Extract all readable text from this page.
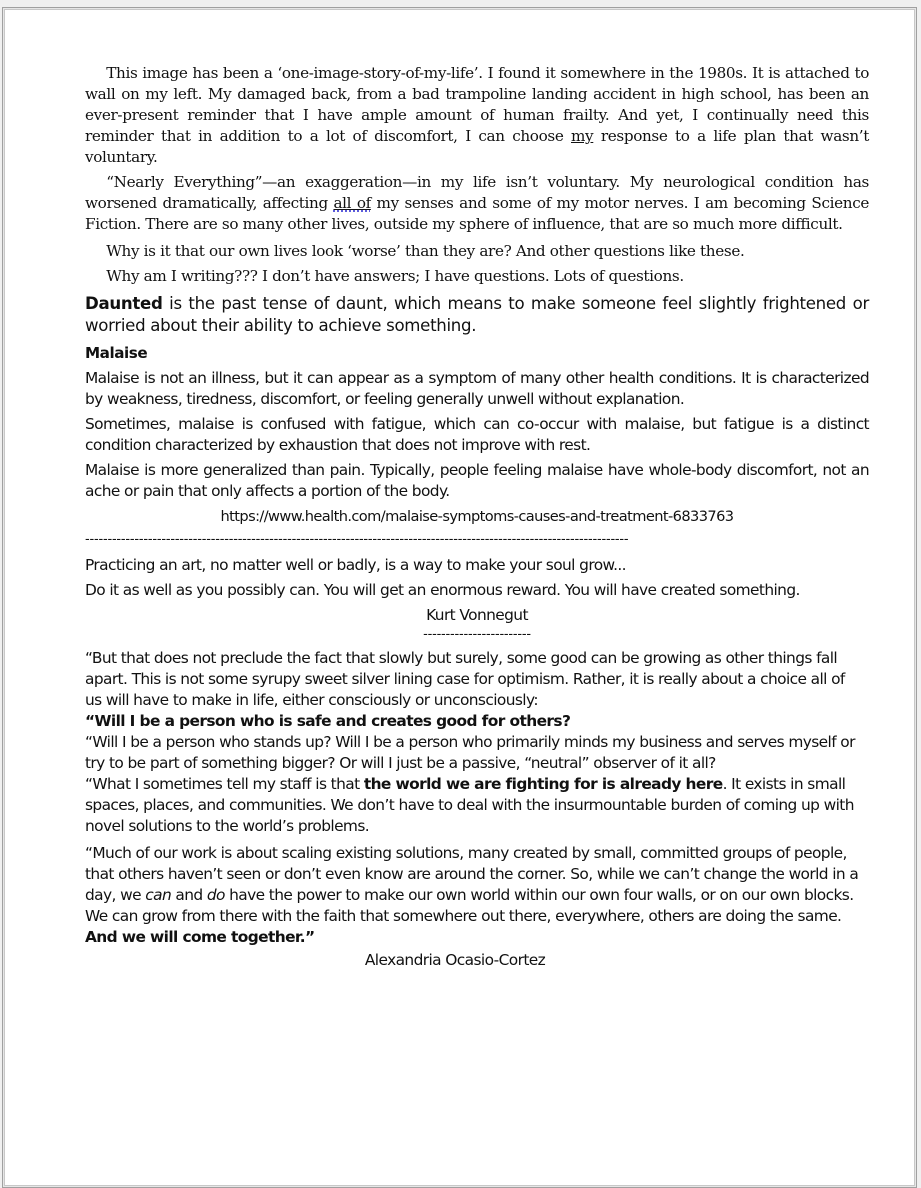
This image has been a ‘one-image-story-of-my-life’. I found it somewhere in the 1980s. It is attached to wall on my left. My damaged back, from a bad trampoline landing accident in high school, has been an ever-present reminder that I have ample amount of human frailty. And yet, I continually need this reminder that in addition to a lot of discomfort, I can choose my response to a life plan that wasn’t voluntary.

“Nearly Everything”—an exaggeration—in my life isn’t voluntary. My neurological condition has worsened dramatically, affecting all of my senses and some of my motor nerves. I am becoming Science Fiction. There are so many other lives, outside my sphere of influence, that are so much more difficult.

Why is it that our own lives look ‘worse’ than they are? And other questions like these.

Why am I writing??? I don’t have answers; I have questions. Lots of questions.

Daunted is the past tense of daunt, which means to make someone feel slightly frightened or worried about their ability to achieve something.

Malaise

Malaise is not an illness, but it can appear as a symptom of many other health conditions. It is characterized by weakness, tiredness, discomfort, or feeling generally unwell without explanation.

Sometimes, malaise is confused with fatigue, which can co-occur with malaise, but fatigue is a distinct condition characterized by exhaustion that does not improve with rest.

Malaise is more generalized than pain. Typically, people feeling malaise have whole-body discomfort, not an ache or pain that only affects a portion of the body.

https://www.health.com/malaise-symptoms-causes-and-treatment-6833763

-------------------------------------------------------------------------------------------------------------------------

Practicing an art, no matter well or badly, is a way to make your soul grow...

Do it as well as you possibly can. You will get an enormous reward. You will have created something.

Kurt Vonnegut

------------------------

“But that does not preclude the fact that slowly but surely, some good can be growing as other things fall apart. This is not some syrupy sweet silver lining case for optimism. Rather, it is really about a choice all of us will have to make in life, either consciously or unconsciously:

“Will I be a person who is safe and creates good for others?

“Will I be a person who stands up? Will I be a person who primarily minds my business and serves myself or try to be part of something bigger? Or will I just be a passive, “neutral” observer of it all?

“What I sometimes tell my staff is that the world we are fighting for is already here. It exists in small spaces, places, and communities. We don’t have to deal with the insurmountable burden of coming up with novel solutions to the world’s problems.

“Much of our work is about scaling existing solutions, many created by small, committed groups of people, that others haven’t seen or don’t even know are around the corner. So, while we can’t change the world in a day, we can and do have the power to make our own world within our own four walls, or on our own blocks.

We can grow from there with the faith that somewhere out there, everywhere, others are doing the same. And we will come together.”

Alexandria Ocasio-Cortez
